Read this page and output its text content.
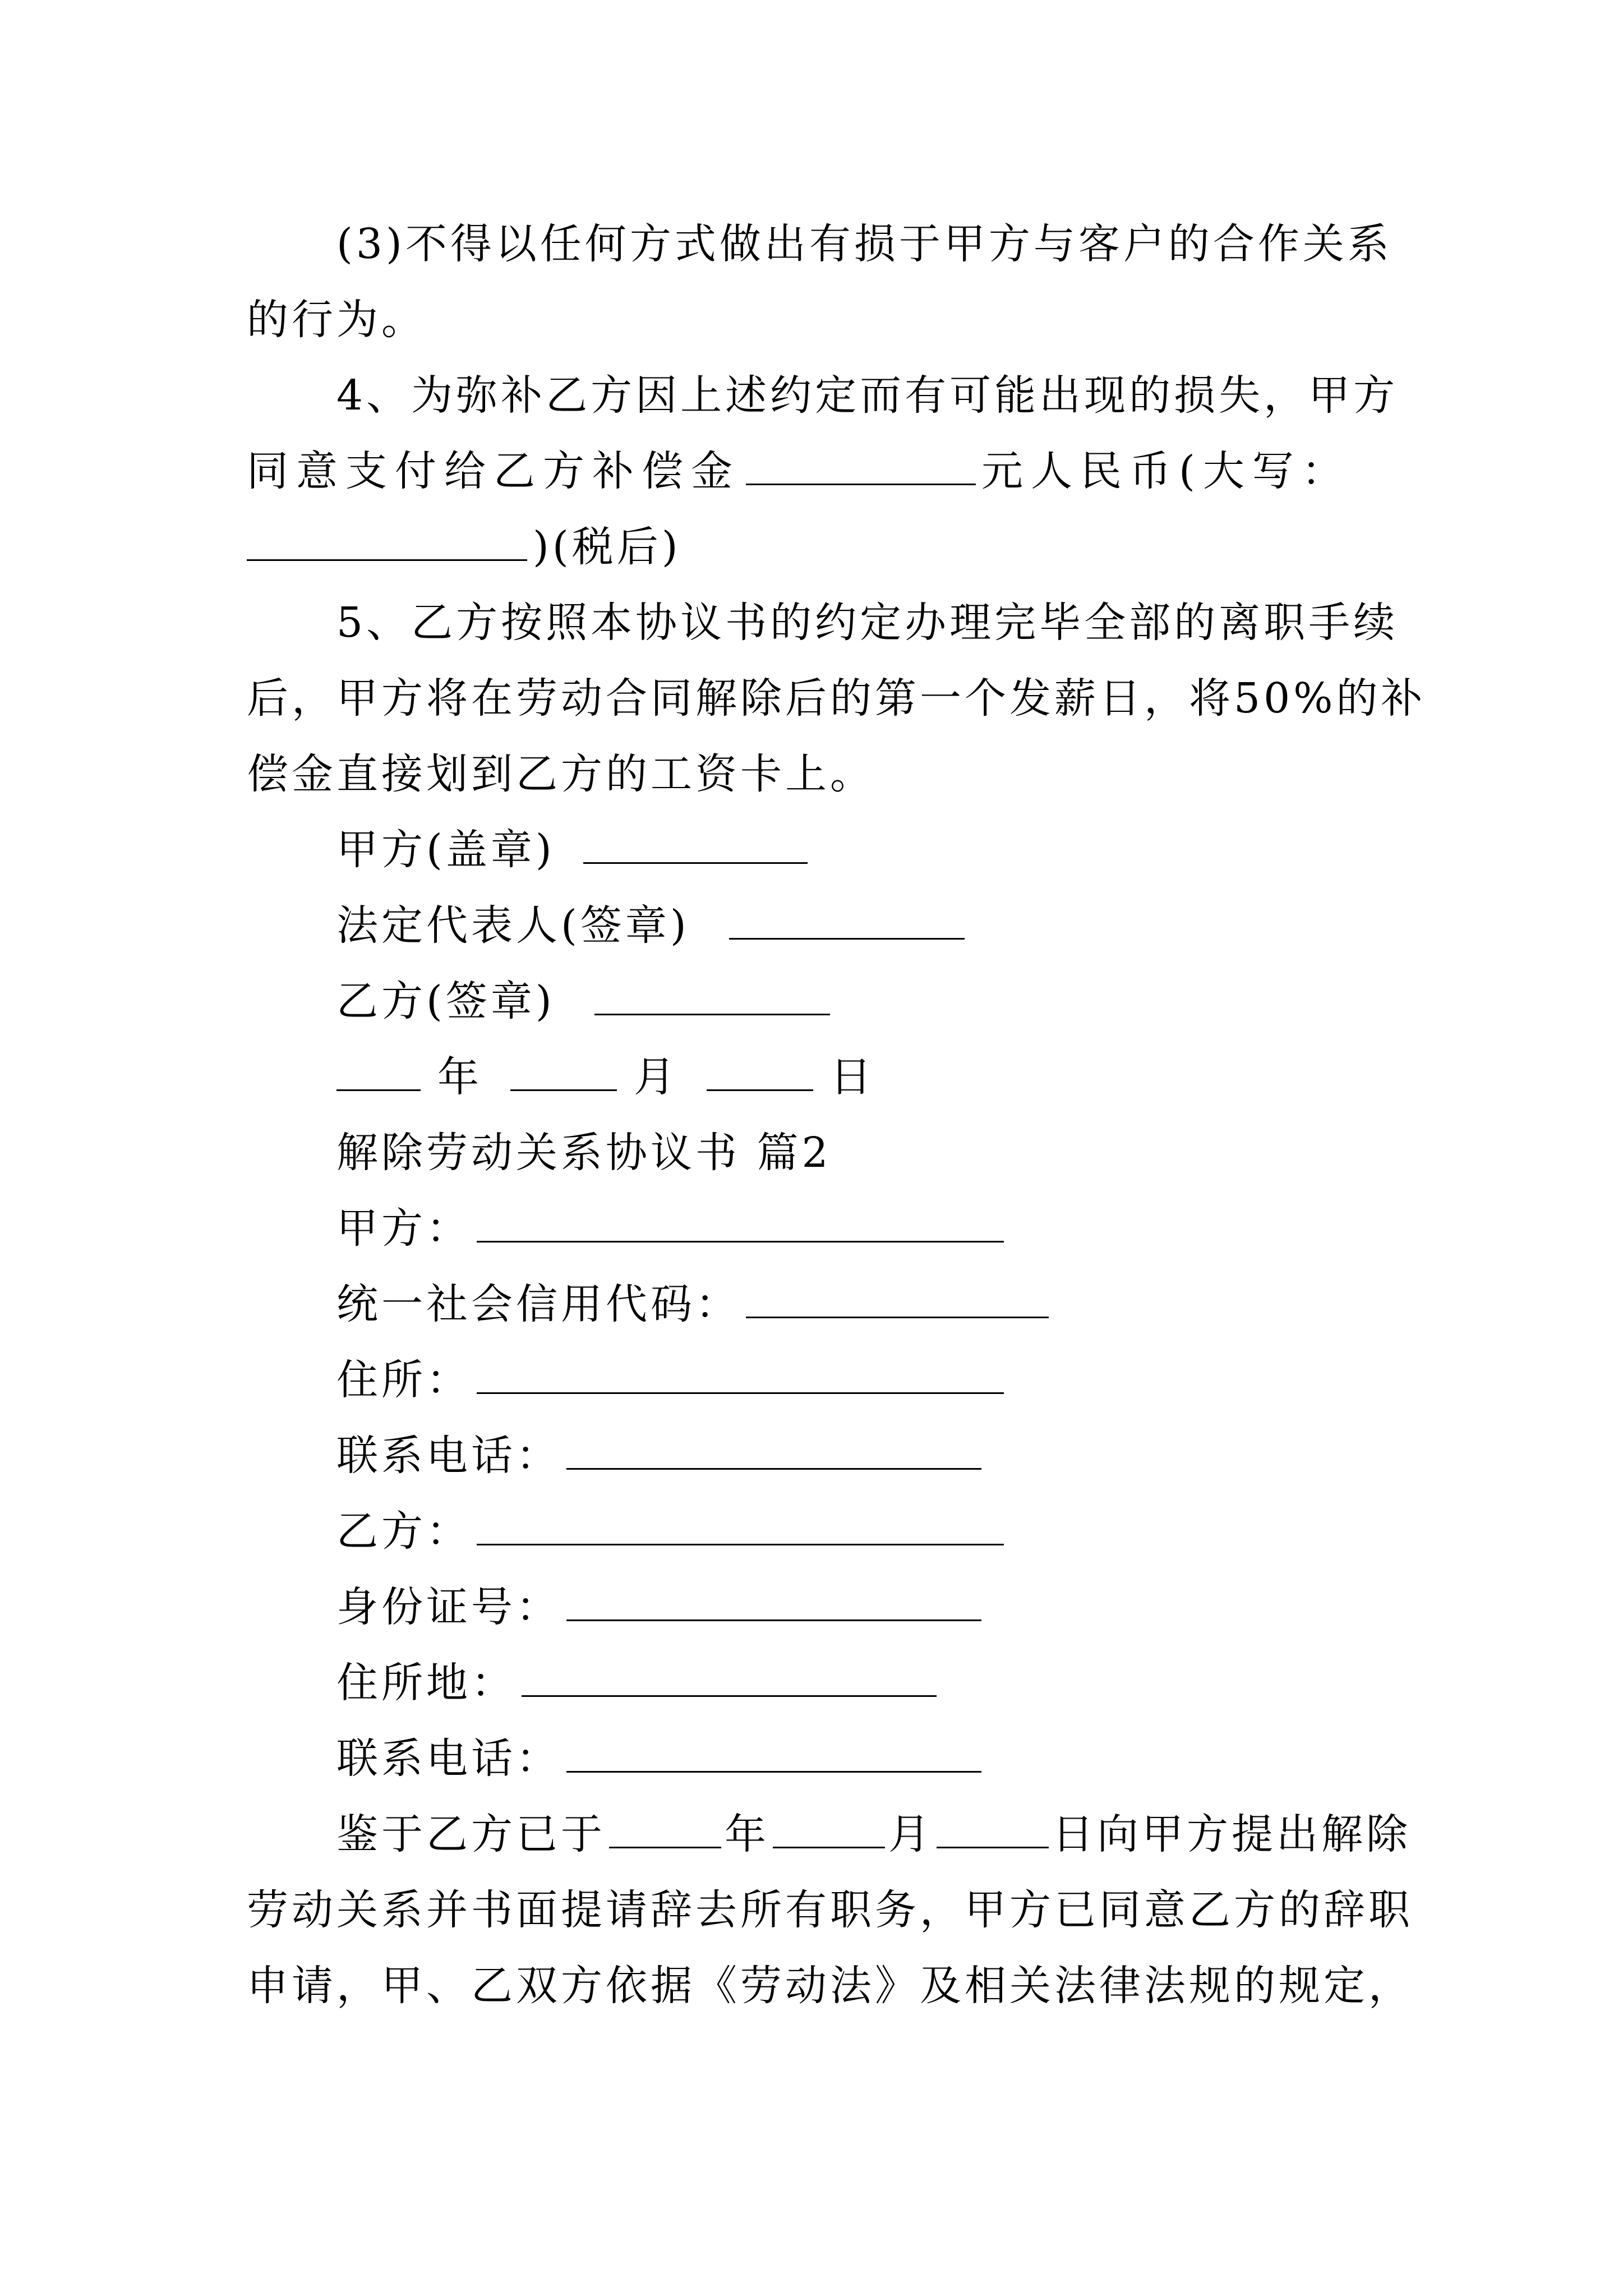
(3)不得以任何方式做出有损于甲方与客户的合作关系
的行为。
4、为弥补乙方因上述约定而有可能出现的损失，甲方
同意支付给乙方补偿金	元人民币(大写：
)(税后)
5、乙方按照本协议书的约定办理完毕全部的离职手续
后，甲方将在劳动合同解除后的第一个发薪日，将50%的补
偿金直接划到乙方的工资卡上。
甲方(盖章)
法定代表人(签章)
乙方(签章)
年	月	日
解除劳动关系协议书 篇2
甲方：
统一社会信用代码：
住所：
联系电话：
乙方：
身份证号：
住所地：
联系电话：
鉴于乙方已于	年	月	日向甲方提出解除
劳动关系并书面提请辞去所有职务，甲方已同意乙方的辞职
申请，甲、乙双方依据《劳动法》及相关法律法规的规定，
